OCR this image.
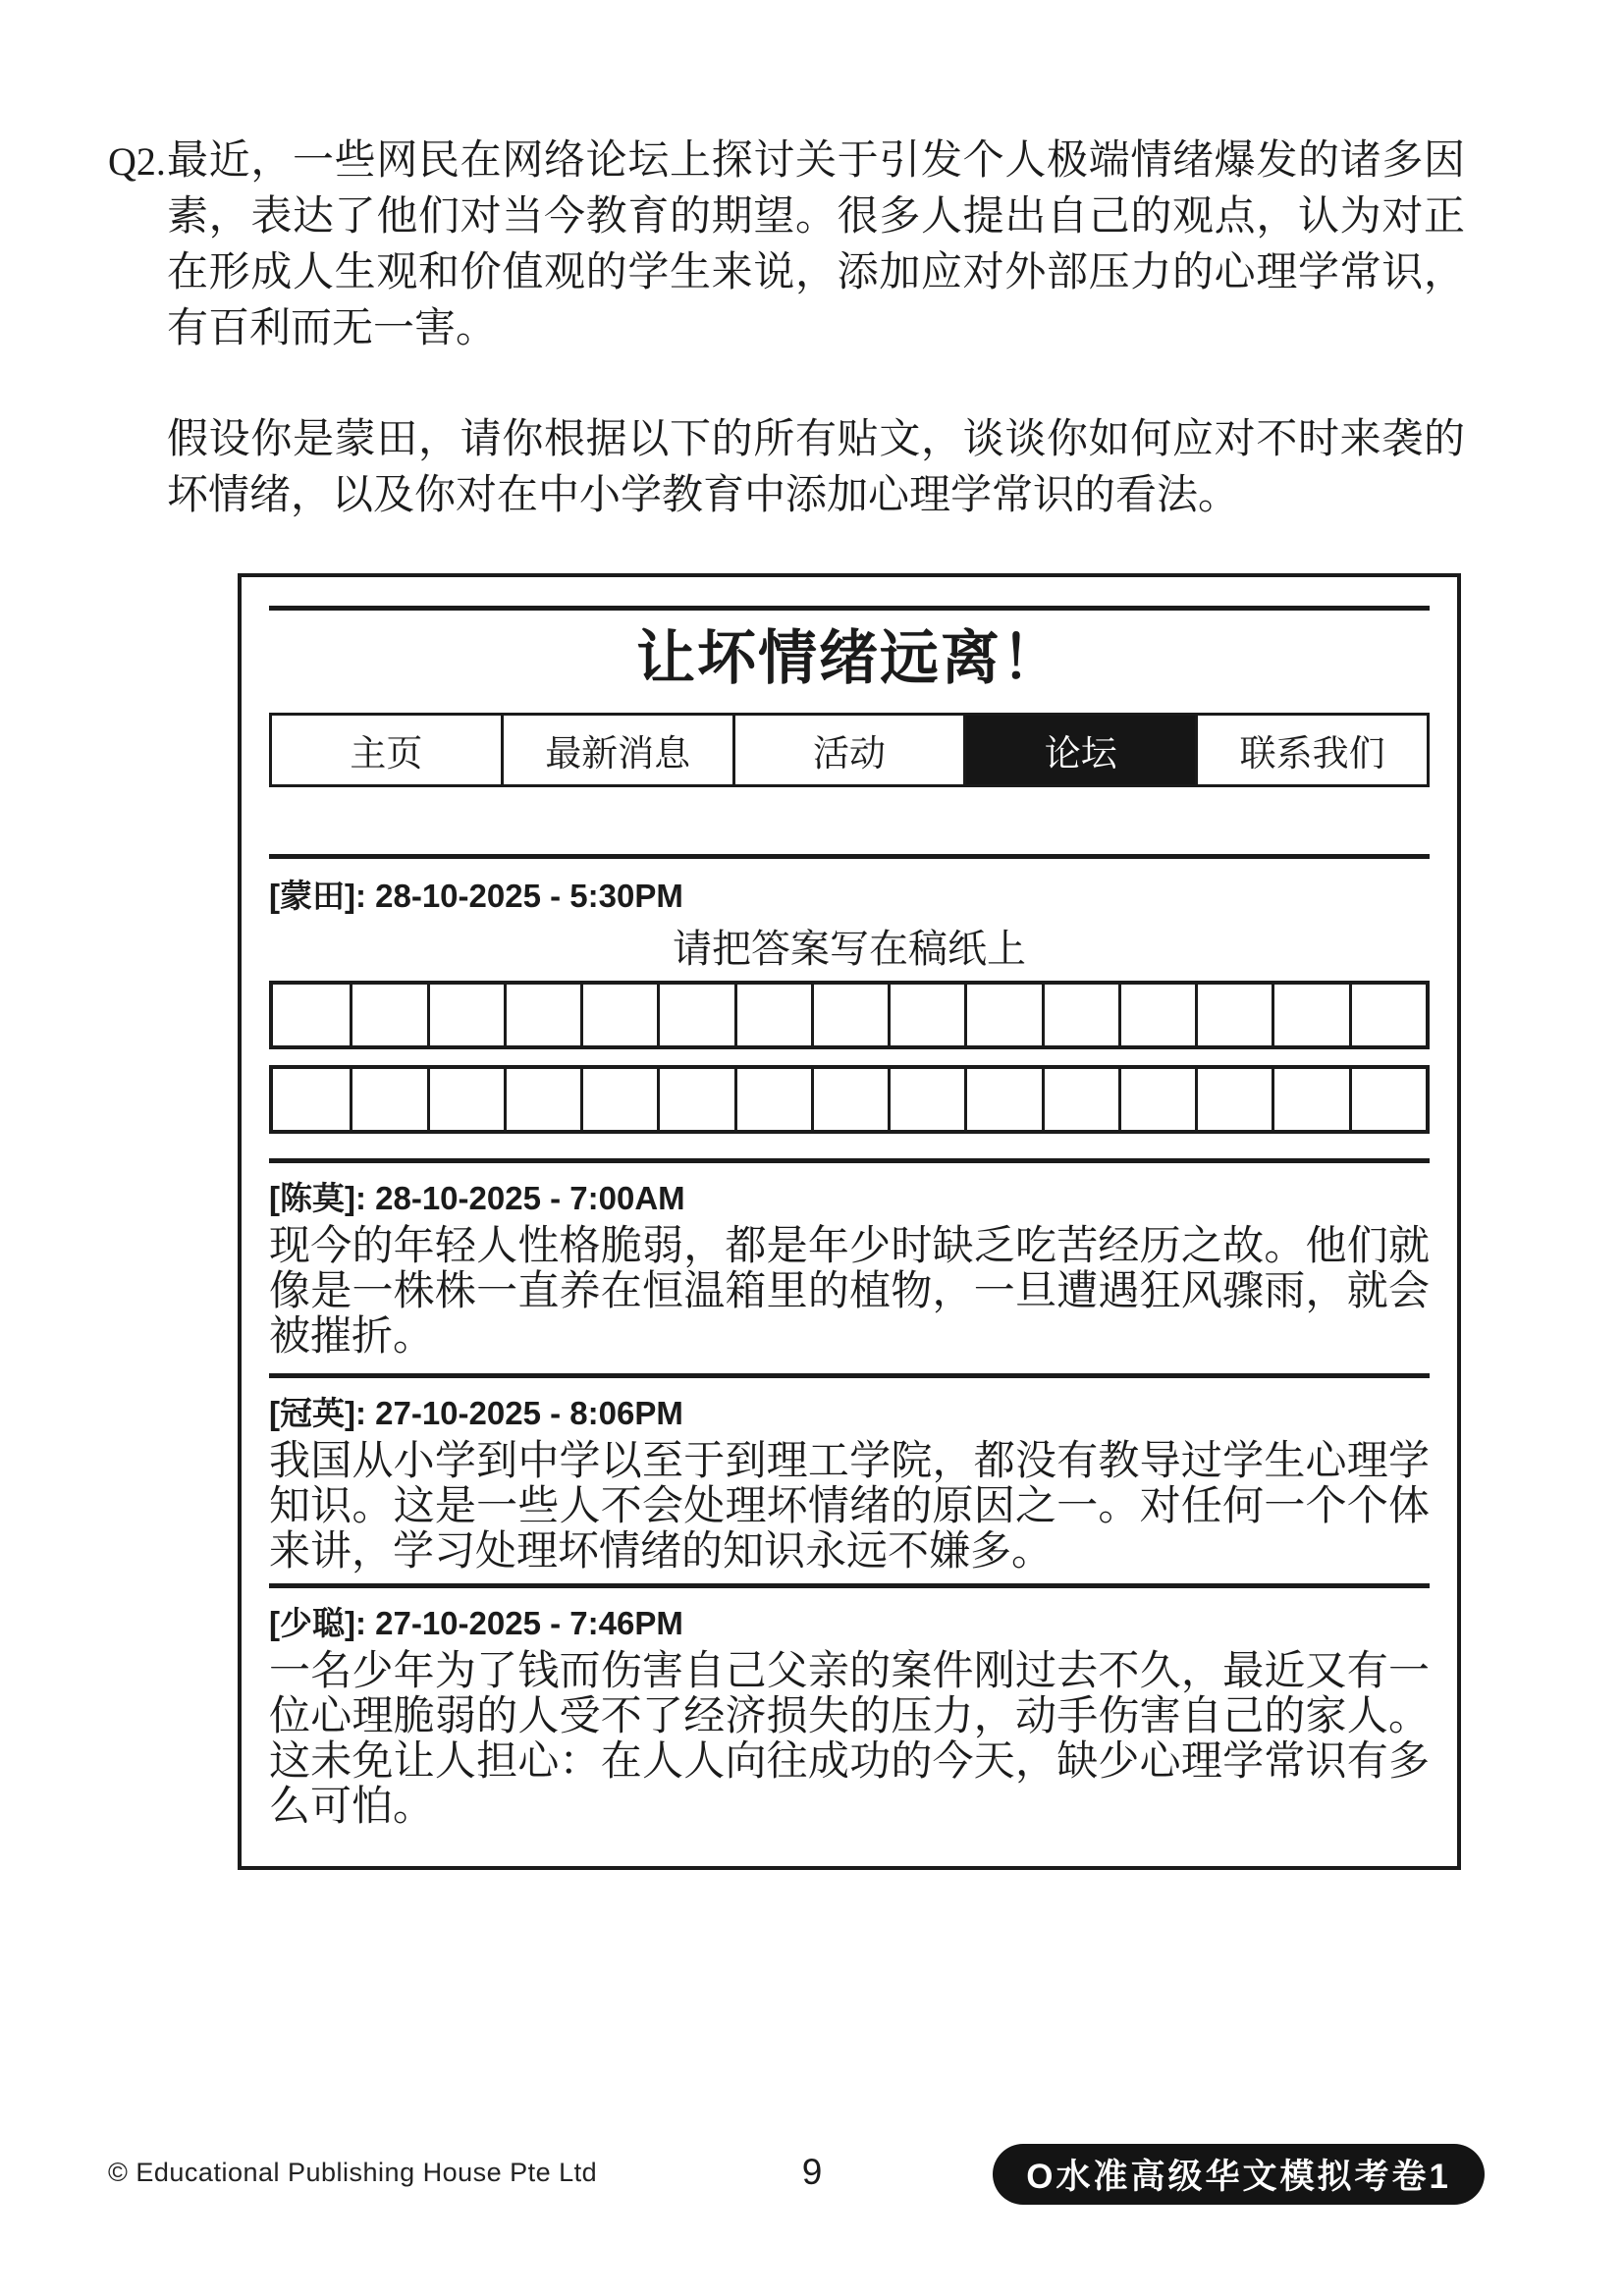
Q2. 最近，一些网民在网络论坛上探讨关于引发个人极端情绪爆发的诸多因素，表达了他们对当今教育的期望。很多人提出自己的观点，认为对正在形成人生观和价值观的学生来说，添加应对外部压力的心理学常识，有百利而无一害。
假设你是蒙田，请你根据以下的所有贴文，谈谈你如何应对不时来袭的坏情绪，以及你对在中小学教育中添加心理学常识的看法。
让坏情绪远离！
主页	最新消息	活动	论坛	联系我们
[蒙田]: 28-10-2025 - 5:30PM
请把答案写在稿纸上
[陈莫]: 28-10-2025 - 7:00AM
现今的年轻人性格脆弱，都是年少时缺乏吃苦经历之故。他们就像是一株株一直养在恒温箱里的植物，一旦遭遇狂风骤雨，就会被摧折。
[冠英]: 27-10-2025 - 8:06PM
我国从小学到中学以至于到理工学院，都没有教导过学生心理学知识。这是一些人不会处理坏情绪的原因之一。对任何一个个体来讲，学习处理坏情绪的知识永远不嫌多。
[少聪]: 27-10-2025 - 7:46PM
一名少年为了钱而伤害自己父亲的案件刚过去不久，最近又有一位心理脆弱的人受不了经济损失的压力，动手伤害自己的家人。这未免让人担心：在人人向往成功的今天，缺少心理学常识有多么可怕。
© Educational Publishing House Pte Ltd	9	O水准高级华文模拟考卷1
